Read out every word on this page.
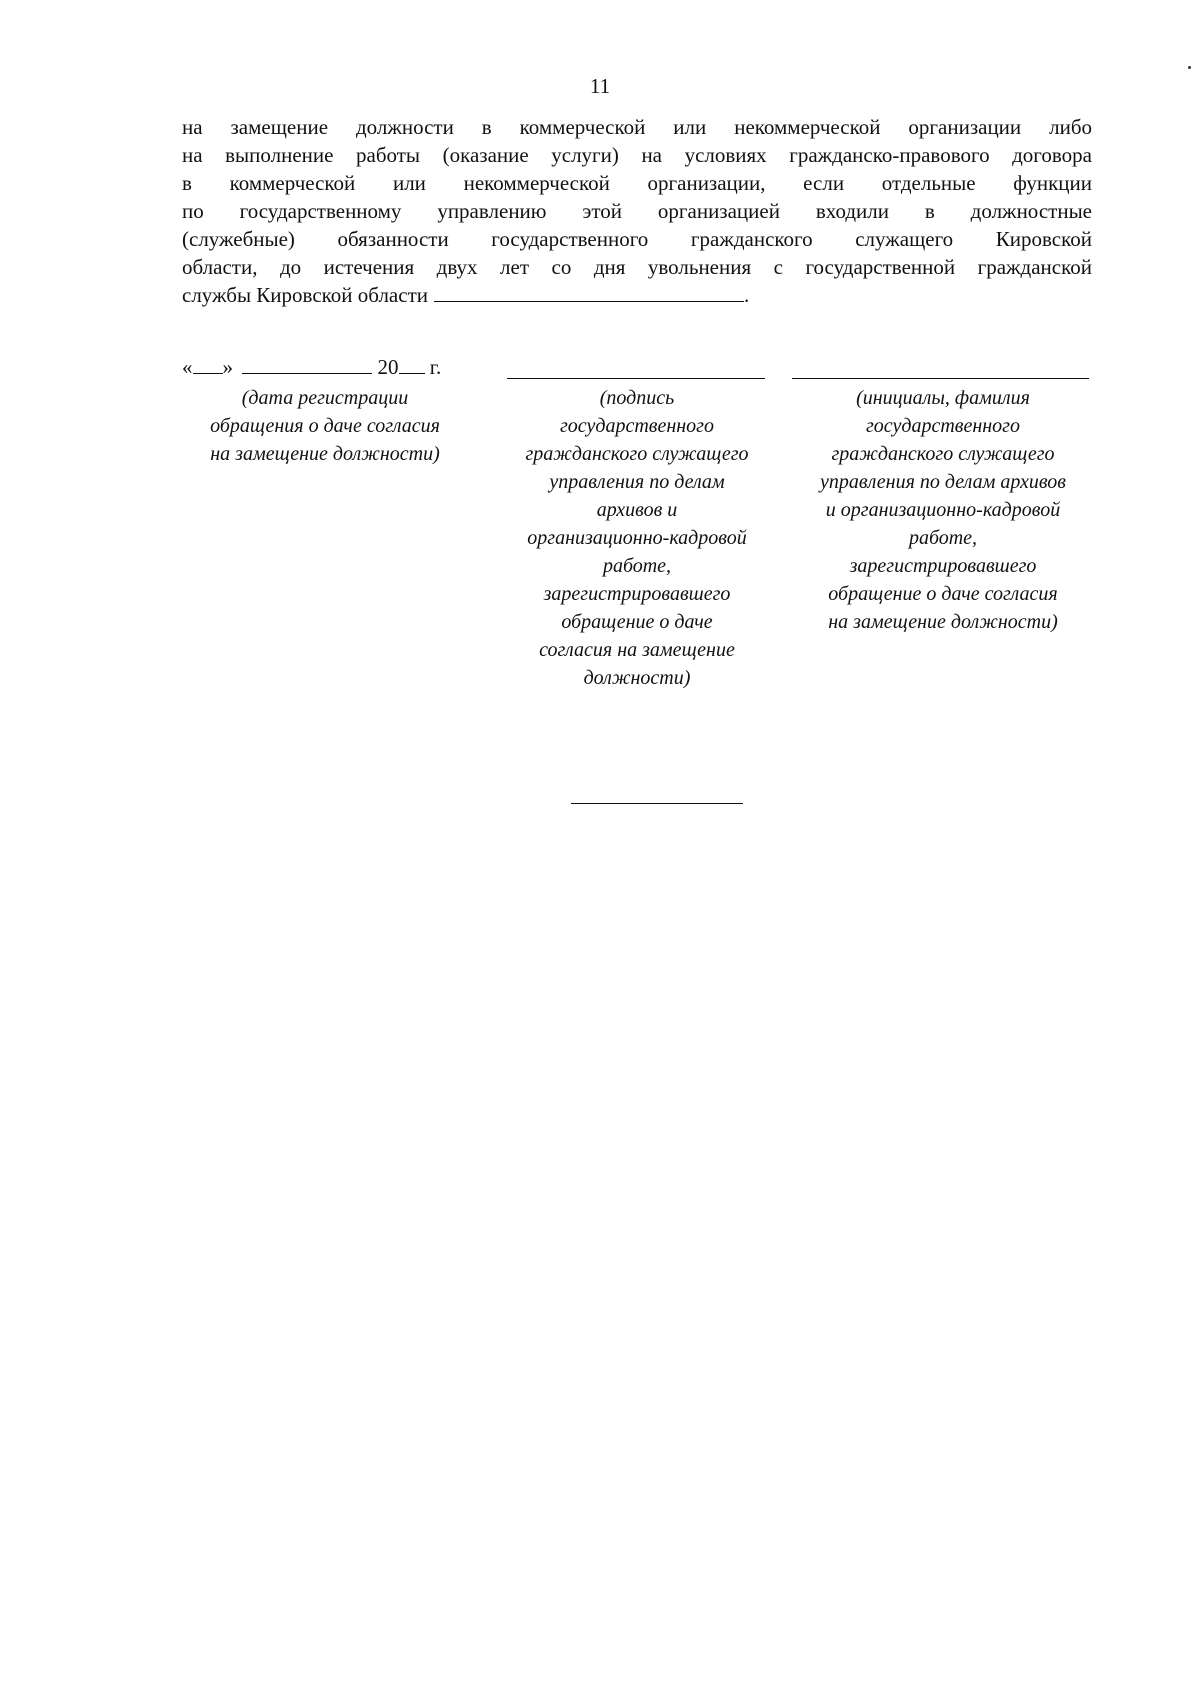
11
на замещение должности в коммерческой или некоммерческой организации либо
на выполнение работы (оказание услуги) на условиях гражданско-правового договора
в коммерческой или некоммерческой организации, если отдельные функции
по государственному управлению этой организацией входили в должностные
(служебные) обязанности государственного гражданского служащего Кировской
области, до истечения двух лет со дня увольнения с государственной гражданской
службы Кировской области	.
« »	20 г.
(дата регистрации
обращения о даче согласия
на замещение должности)
(подпись
государственного
гражданского служащего
управления по делам
архивов и
организационно-кадровой
работе,
зарегистрировавшего
обращение о даче
согласия на замещение
должности)
(инициалы, фамилия
государственного
гражданского служащего
управления по делам архивов
и организационно-кадровой
работе,
зарегистрировавшего
обращение о даче согласия
на замещение должности)
